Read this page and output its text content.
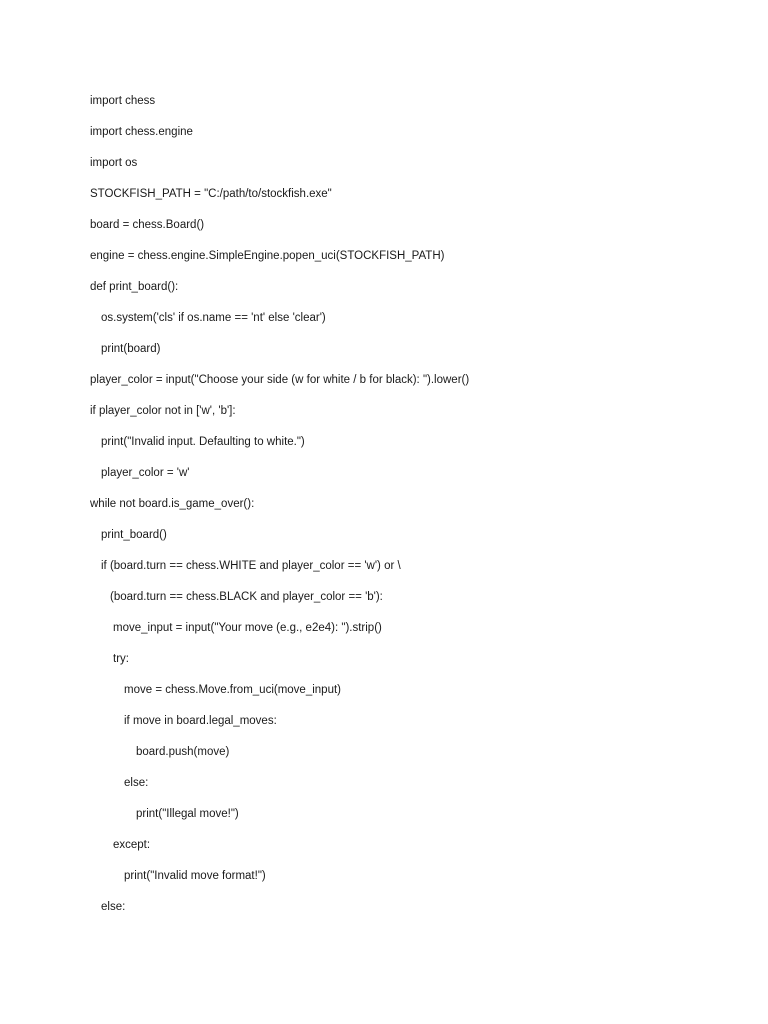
import chess

import chess.engine

import os

STOCKFISH_PATH = "C:/path/to/stockfish.exe"

board = chess.Board()

engine = chess.engine.SimpleEngine.popen_uci(STOCKFISH_PATH)

def print_board():

os.system('cls' if os.name == 'nt' else 'clear')

print(board)

player_color = input("Choose your side (w for white / b for black): ").lower()

if player_color not in ['w', 'b']:

print("Invalid input. Defaulting to white.")

player_color = 'w'

while not board.is_game_over():

print_board()

if (board.turn == chess.WHITE and player_color == 'w') or \

(board.turn == chess.BLACK and player_color == 'b'):

move_input = input("Your move (e.g., e2e4): ").strip()

try:

move = chess.Move.from_uci(move_input)

if move in board.legal_moves:

board.push(move)

else:

print("Illegal move!")

except:

print("Invalid move format!")

else:
